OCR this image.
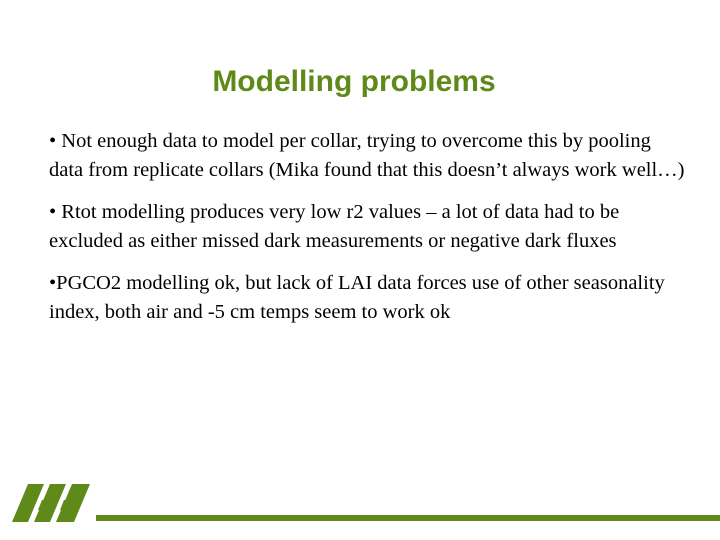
Modelling problems
• Not enough data to model per collar, trying to overcome this by pooling data from replicate collars (Mika found that this doesn’t always work well…)
• Rtot modelling produces very low r2 values – a lot of data had to be excluded as either missed dark measurements or negative dark fluxes
•PGCO2 modelling ok, but lack of LAI data forces use of other seasonality index, both air and -5 cm temps seem to work ok
